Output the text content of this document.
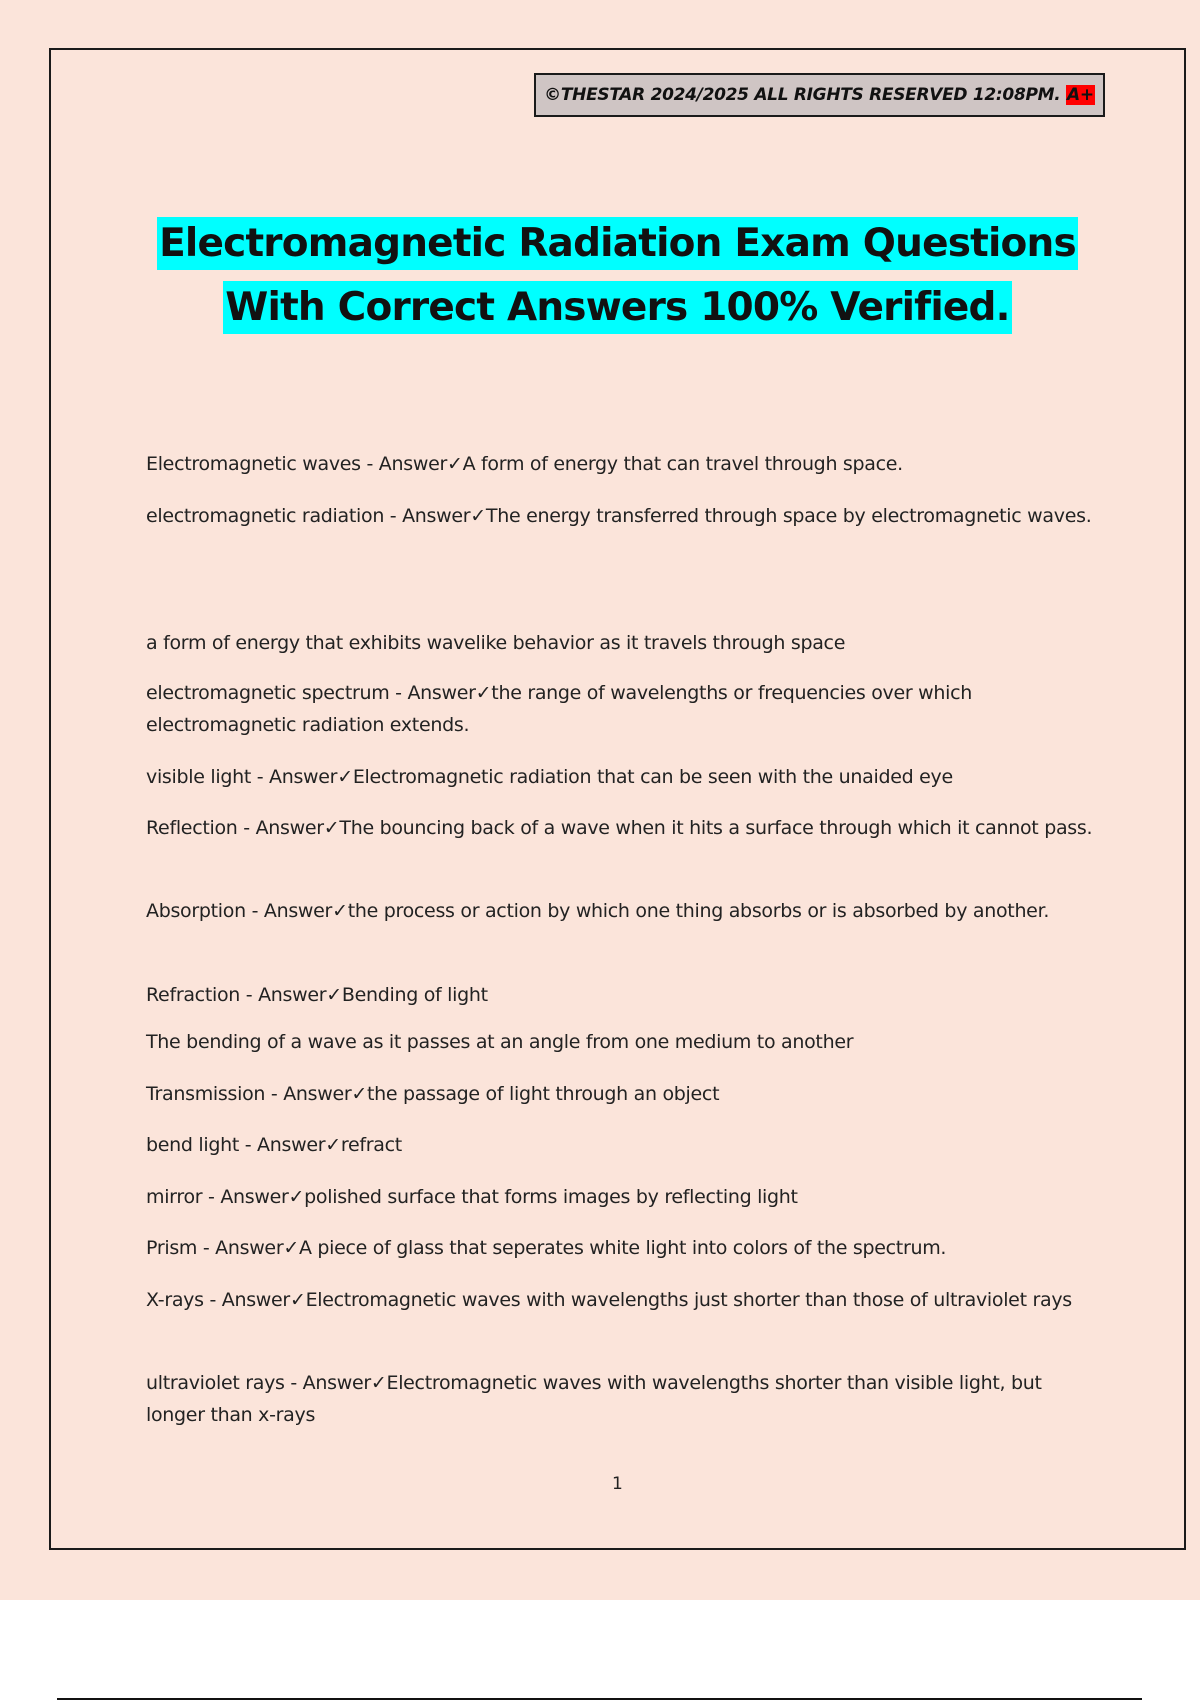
©THESTAR 2024/2025 ALL RIGHTS RESERVED 12:08PM.
A+
Electromagnetic Radiation Exam Questions
With Correct Answers 100% Verified.
Electromagnetic waves - Answer✓A form of energy that can travel through space.
electromagnetic radiation - Answer✓The energy transferred through space by electromagnetic waves.
a form of energy that exhibits wavelike behavior as it travels through space
electromagnetic spectrum - Answer✓the range of wavelengths or frequencies over which electromagnetic radiation extends.
visible light - Answer✓Electromagnetic radiation that can be seen with the unaided eye
Reflection - Answer✓The bouncing back of a wave when it hits a surface through which it cannot pass.
Absorption - Answer✓the process or action by which one thing absorbs or is absorbed by another.
Refraction - Answer✓Bending of light
The bending of a wave as it passes at an angle from one medium to another
Transmission - Answer✓the passage of light through an object
bend light - Answer✓refract
mirror - Answer✓polished surface that forms images by reflecting light
Prism - Answer✓A piece of glass that seperates white light into colors of the spectrum.
X-rays - Answer✓Electromagnetic waves with wavelengths just shorter than those of ultraviolet rays
ultraviolet rays - Answer✓Electromagnetic waves with wavelengths shorter than visible light, but longer than x-rays
1
